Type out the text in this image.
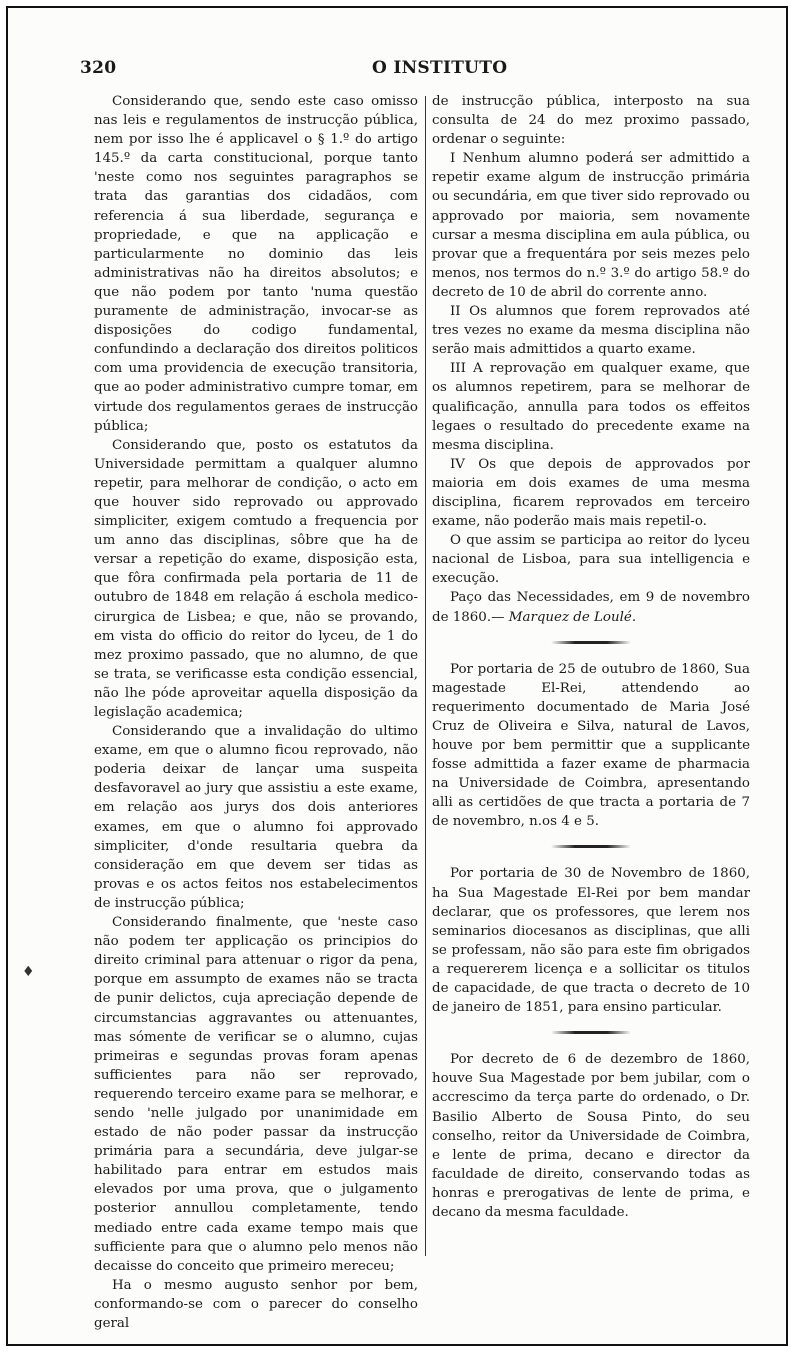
320	O INSTITUTO

Considerando que, sendo este caso omisso nas leis e regulamentos de instrucção pública, nem por isso lhe é applicavel o § 1.º do artigo 145.º da carta constitucional, porque tanto 'neste como nos seguintes paragraphos se trata das garantias dos cidadãos, com referencia á sua liberdade, segurança e propriedade, e que na applicação e particularmente no dominio das leis administrativas não ha direitos absolutos; e que não podem por tanto 'numa questão puramente de administração, invocar-se as disposições do codigo fundamental, confundindo a declaração dos direitos politicos com uma providencia de execução transitoria, que ao poder administrativo cumpre tomar, em virtude dos regulamentos geraes de instrucção pública;

Considerando que, posto os estatutos da Universidade permittam a qualquer alumno repetir, para melhorar de condição, o acto em que houver sido reprovado ou approvado simpliciter, exigem comtudo a frequencia por um anno das disciplinas, sôbre que ha de versar a repetição do exame, disposição esta, que fôra confirmada pela portaria de 11 de outubro de 1848 em relação á escholа medico-cirurgica de Lisbea; e que, não se provando, em vista do officio do reitor do lyceu, de 1 do mez proximo passado, que no alumno, de que se trata, se verificasse esta condição essencial, não lhe póde aproveitar aquella disposição da legislação academica;

Considerando que a invalidação do ultimo exame, em que o alumno ficou reprovado, não poderia deixar de lançar uma suspeita desfavoravel ao jury que assistiu a este exame, em relação aos jurys dos dois anteriores exames, em que o alumno foi approvado simpliciter, d'onde resultaria quebra da consideração em que devem ser tidas as provas e os actos feitos nos estabelecimentos de instrucção pública;

Considerando finalmente, que 'neste caso não podem ter applicação os principios do direito criminal para attenuar o rigor da pena, porque em assumpto de exames não se tracta de punir delictos, cuja apreciação depende de circumstancias aggravantes ou attenuantes, mas sómente de verificar se o alumno, cujas primeiras e segundas provas foram apenas sufficientes para não ser reprovado, requerendo terceiro exame para se melhorar, e sendo 'nelle julgado por unanimidade em estado de não poder passar da instrucção primária para a secundária, deve julgar-se habilitado para entrar em estudos mais elevados por uma prova, que o julgamento posterior annullou completamente, tendo mediado entre cada exame tempo mais que sufficiente para que o alumno pelo menos não decaisse do conceito que primeiro mereceu;

Ha o mesmo augusto senhor por bem, conformando-se com o parecer do conselho geral

de instrucção pública, interposto na sua consulta de 24 do mez proximo passado, ordenar o seguinte:

I Nenhum alumno poderá ser admittido a repetir exame algum de instrucção primária ou secundária, em que tiver sido reprovado ou approvado por maioria, sem novamente cursar a mesma disciplina em aula pública, ou provar que a frequentára por seis mezes pelo menos, nos termos do n.º 3.º do artigo 58.º do decreto de 10 de abril do corrente anno.

II Os alumnos que forem reprovados até tres vezes no exame da mesma disciplina não serão mais admittidos a quarto exame.

III A reprovação em qualquer exame, que os alumnos repetirem, para se melhorar de qualificação, annulla para todos os effeitos legaes o resultado do precedente exame na mesma disciplina.

IV Os que depois de approvados por maioria em dois exames de uma mesma disciplina, ficarem reprovados em terceiro exame, não poderão mais mais repetil-o.

O que assim se participa ao reitor do lyceu nacional de Lisboa, para sua intelligencia e execução.

Paço das Necessidades, em 9 de novembro de 1860.— Marquez de Loulé.

Por portaria de 25 de outubro de 1860, Sua magestade El-Rei, attendendo ao requerimento documentado de Maria José Cruz de Oliveira e Silva, natural de Lavos, houve por bem permittir que a supplicante fosse admittida a fazer exame de pharmacia na Universidade de Coimbra, apresentando alli as certidões de que tracta a portaria de 7 de novembro, n.os 4 e 5.

Por portaria de 30 de Novembro de 1860, ha Sua Magestade El-Rei por bem mandar declarar, que os professores, que lerem nos seminarios diocesanos as disciplinas, que alli se professam, não são para este fim obrigados a requererem licença e a sollicitar os titulos de capacidade, de que tracta o decreto de 10 de janeiro de 1851, para ensino particular.

Por decreto de 6 de dezembro de 1860, houve Sua Magestade por bem jubilar, com o accrescimo da terça parte do ordenado, o Dr. Basilio Alberto de Sousa Pinto, do seu conselho, reitor da Universidade de Coimbra, e lente de prima, decano e director da faculdade de direito, conservando todas as honras e prerogativas de lente de prima, e decano da mesma faculdade.

♦
